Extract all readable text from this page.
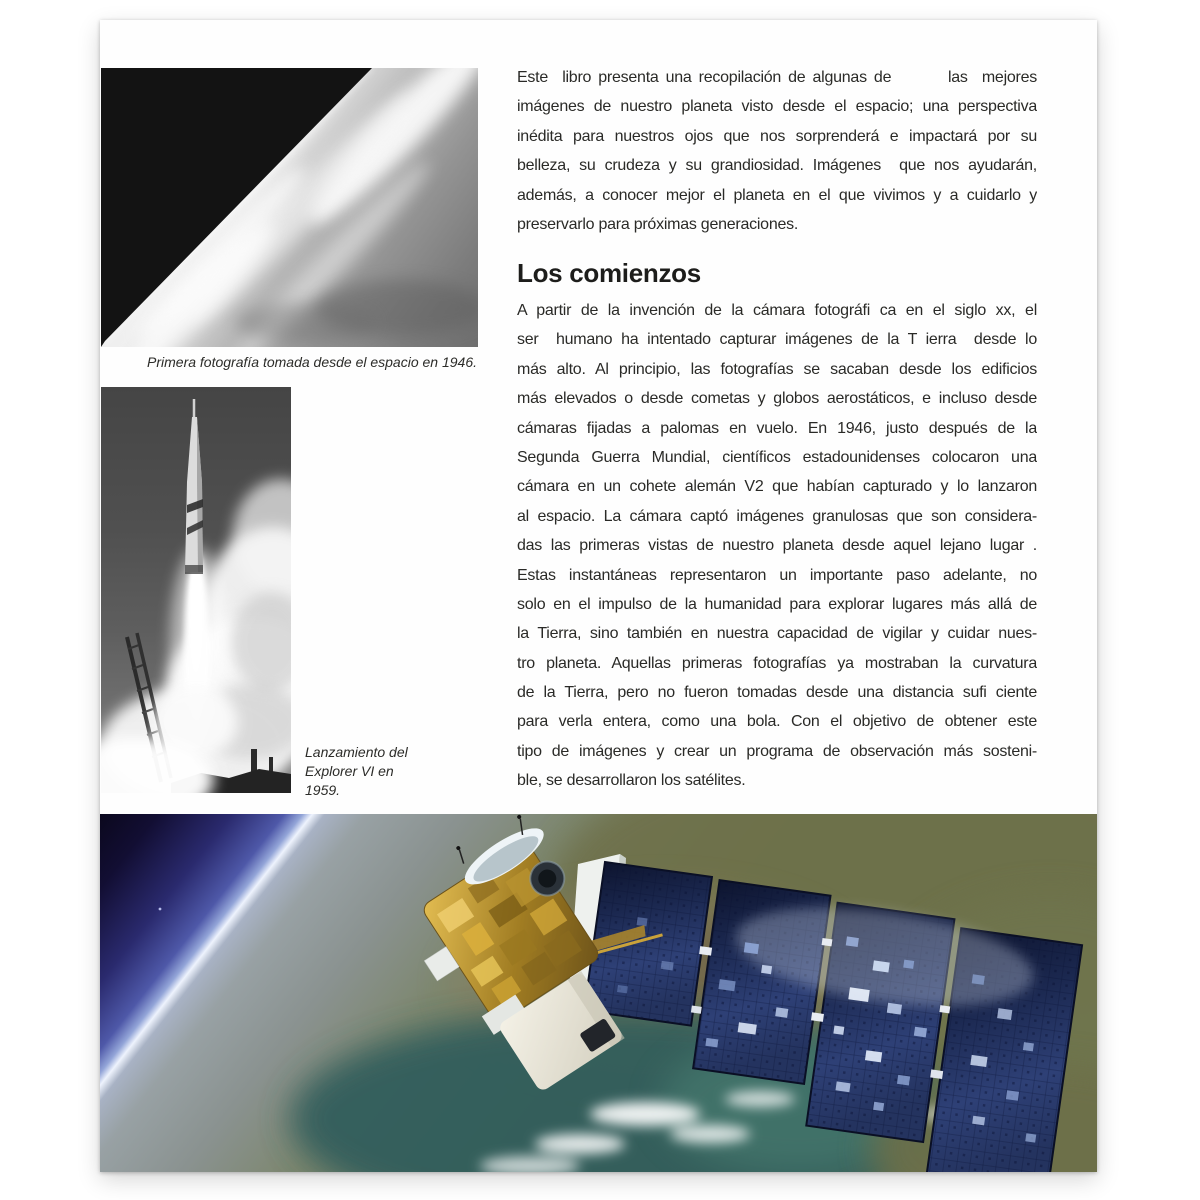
Primera fotografía tomada desde el espacio en 1946.
Lanzamiento del
Explorer VI en
1959.
Este  libro presenta una recopilación de algunas de        las  mejores
imágenes de nuestro planeta visto desde el espacio; una perspectiva
inédita para nuestros ojos que nos sorprenderá e impactará por su
belleza, su crudeza y su grandiosidad. Imágenes  que nos ayudarán,
además, a conocer mejor el planeta en el que vivimos y a cuidarlo y
preservarlo para próximas generaciones.
Los comienzos
A partir de la invención de la cámara fotográfi ca en el siglo xx, el
ser  humano ha intentado capturar imágenes de la T ierra  desde lo
más alto. Al principio, las fotografías se sacaban desde los edificios
más elevados o desde cometas y globos aerostáticos, e incluso desde
cámaras fijadas a palomas en vuelo. En 1946, justo después de la
Segunda Guerra Mundial, científicos estadounidenses colocaron una
cámara en un cohete alemán V2 que habían capturado y lo lanzaron
al espacio. La cámara captó imágenes granulosas que son considera-
das las primeras vistas de nuestro planeta desde aquel lejano lugar .
Estas instantáneas representaron un importante paso adelante, no
solo en el impulso de la humanidad para explorar lugares más allá de
la Tierra, sino también en nuestra capacidad de vigilar y cuidar nues-
tro planeta. Aquellas primeras fotografías ya mostraban la curvatura
de la Tierra, pero no fueron tomadas desde una distancia sufi ciente
para verla entera, como una bola. Con el objetivo de obtener este
tipo de imágenes y crear un programa de observación más sosteni-
ble, se desarrollaron los satélites.
